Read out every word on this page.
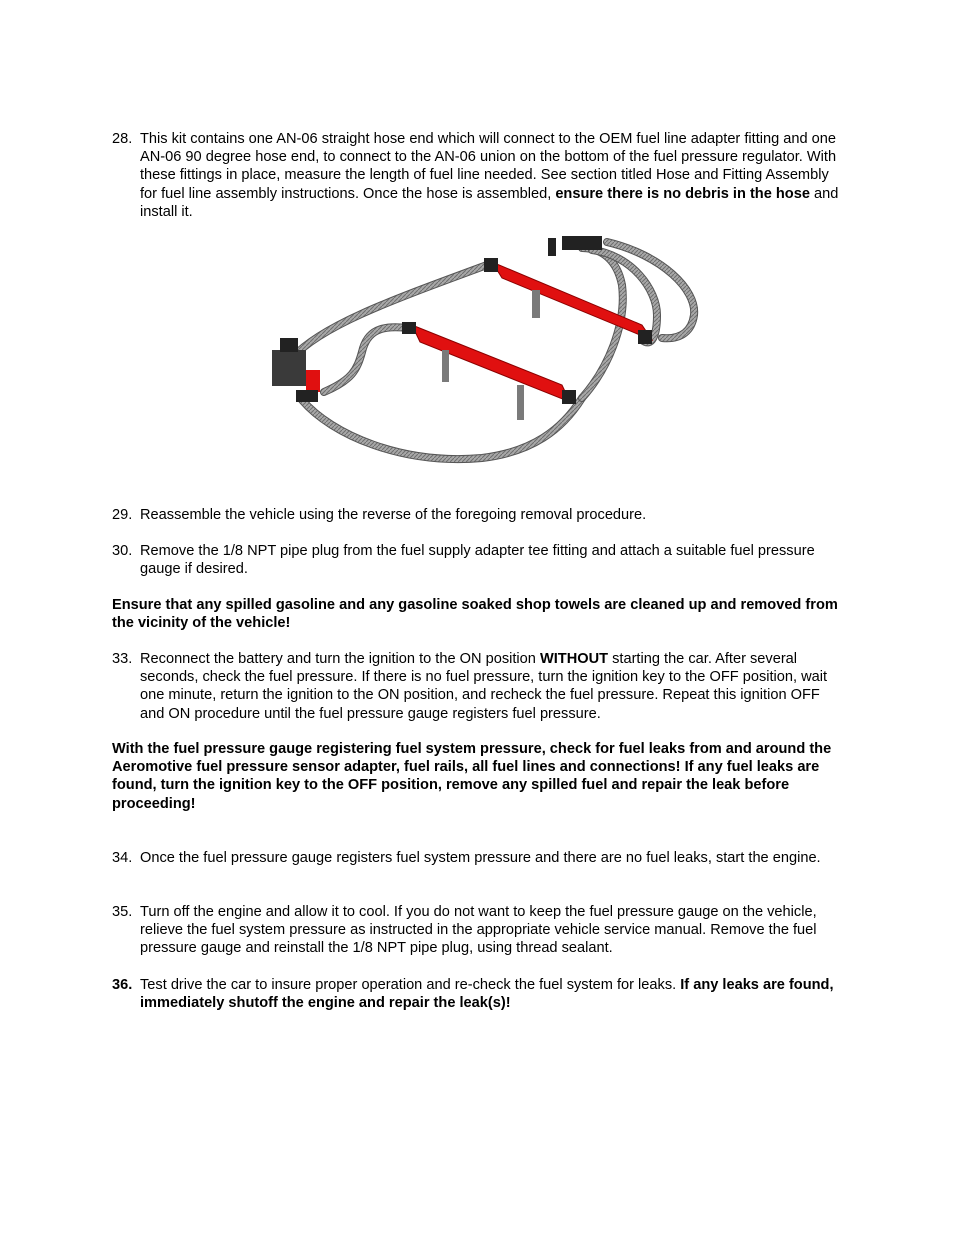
28. This kit contains one AN-06 straight hose end which will connect to the OEM fuel line adapter fitting and one AN-06 90 degree hose end, to connect to the AN-06 union on the bottom of the fuel pressure regulator. With these fittings in place, measure the length of fuel line needed. See section titled Hose and Fitting Assembly for fuel line assembly instructions. Once the hose is assembled, ensure there is no debris in the hose and install it.
29. Reassemble the vehicle using the reverse of the foregoing removal procedure.
30. Remove the 1/8 NPT pipe plug from the fuel supply adapter tee fitting and attach a suitable fuel pressure gauge if desired.
Ensure that any spilled gasoline and any gasoline soaked shop towels are cleaned up and removed from the vicinity of the vehicle!
33. Reconnect the battery and turn the ignition to the ON position WITHOUT starting the car. After several seconds, check the fuel pressure. If there is no fuel pressure, turn the ignition key to the OFF position, wait one minute, return the ignition to the ON position, and recheck the fuel pressure. Repeat this ignition OFF and ON procedure until the fuel pressure gauge registers fuel pressure.
With the fuel pressure gauge registering fuel system pressure, check for fuel leaks from and around the Aeromotive fuel pressure sensor adapter, fuel rails, all fuel lines and connections! If any fuel leaks are found, turn the ignition key to the OFF position, remove any spilled fuel and repair the leak before proceeding!
34. Once the fuel pressure gauge registers fuel system pressure and there are no fuel leaks, start the engine.
35. Turn off the engine and allow it to cool. If you do not want to keep the fuel pressure gauge on the vehicle, relieve the fuel system pressure as instructed in the appropriate vehicle service manual. Remove the fuel pressure gauge and reinstall the 1/8 NPT pipe plug, using thread sealant.
36. Test drive the car to insure proper operation and re-check the fuel system for leaks. If any leaks are found, immediately shutoff the engine and repair the leak(s)!
